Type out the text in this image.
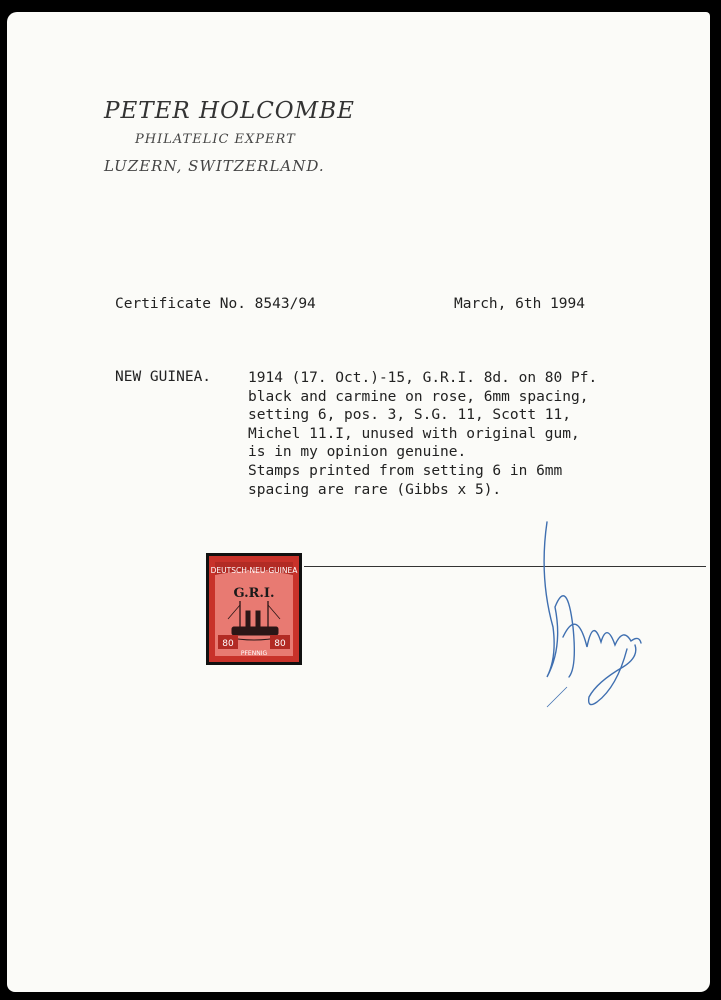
PETER HOLCOMBE
PHILATELIC EXPERT
LUZERN, SWITZERLAND.
Certificate No. 8543/94	March, 6th 1994
NEW GUINEA.	1914 (17. Oct.)-15, G.R.I. 8d. on 80 Pf.
black and carmine on rose, 6mm spacing,
setting 6, pos. 3, S.G. 11, Scott 11,
Michel 11.I, unused with original gum,
is in my opinion genuine.
Stamps printed from setting 6 in 6mm
spacing are rare (Gibbs x 5).
DEUTSCH-NEU-GUINEA
G.R.I.
80	80
PFENNIG
